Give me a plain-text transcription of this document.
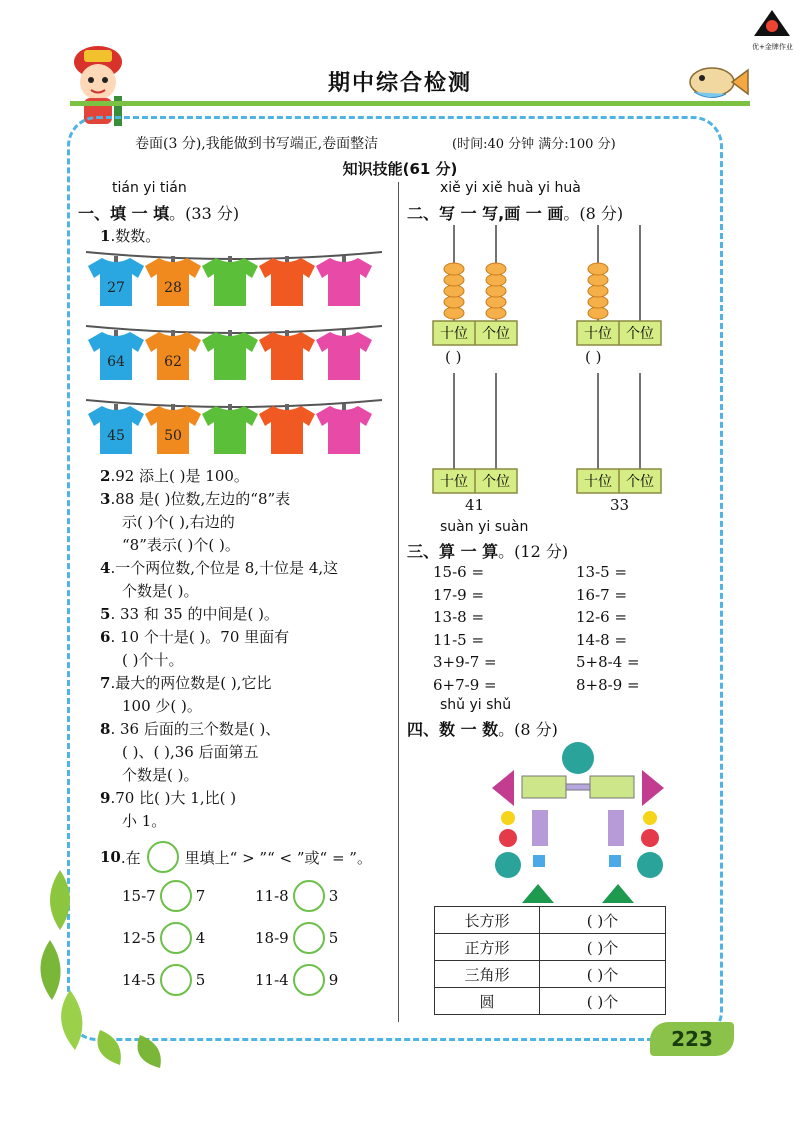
优+金牌作业
期中综合检测
卷面(3 分),我能做到书写端正,卷面整洁	(时间:40 分钟 满分:100 分)
知识技能(61 分)
tián yi tián
一、填 一 填。(33 分)
1.数数。
27	28
64	62
45	50
2.92 添上( )是 100。
3.88 是( )位数,左边的“8”表
示( )个( ),右边的
“8”表示( )个( )。
4.一个两位数,个位是 8,十位是 4,这
个数是( )。
5. 33 和 35 的中间是( )。
6. 10 个十是( )。70 里面有
( )个十。
7.最大的两位数是( ),它比
100 少( )。
8. 36 后面的三个数是( )、
( )、( ),36 后面第五
个数是( )。
9.70 比( )大 1,比( )
小 1。
10 .在	里填上“ > ”“ < ”或“ = ”。
15-7	7	11-8	3
12-5	4	18-9	5
14-5	5	11-4	9
xiě yi xiě huà yi huà
二、写 一 写,画 一 画。(8 分)
十位 个位	十位 个位
十位 个位	十位 个位
( )	( )
41	33
suàn yi suàn
三、算 一 算。(12 分)
15-6 =	13-5 =
17-9 =	16-7 =
13-8 =	12-6 =
11-5 =	14-8 =
3+9-7 =	5+8-4 =
6+7-9 =	8+8-9 =
shǔ yi shǔ
四、数 一 数。(8 分)
长方形	( )个
正方形	( )个
三角形	( )个
圆	( )个
223
